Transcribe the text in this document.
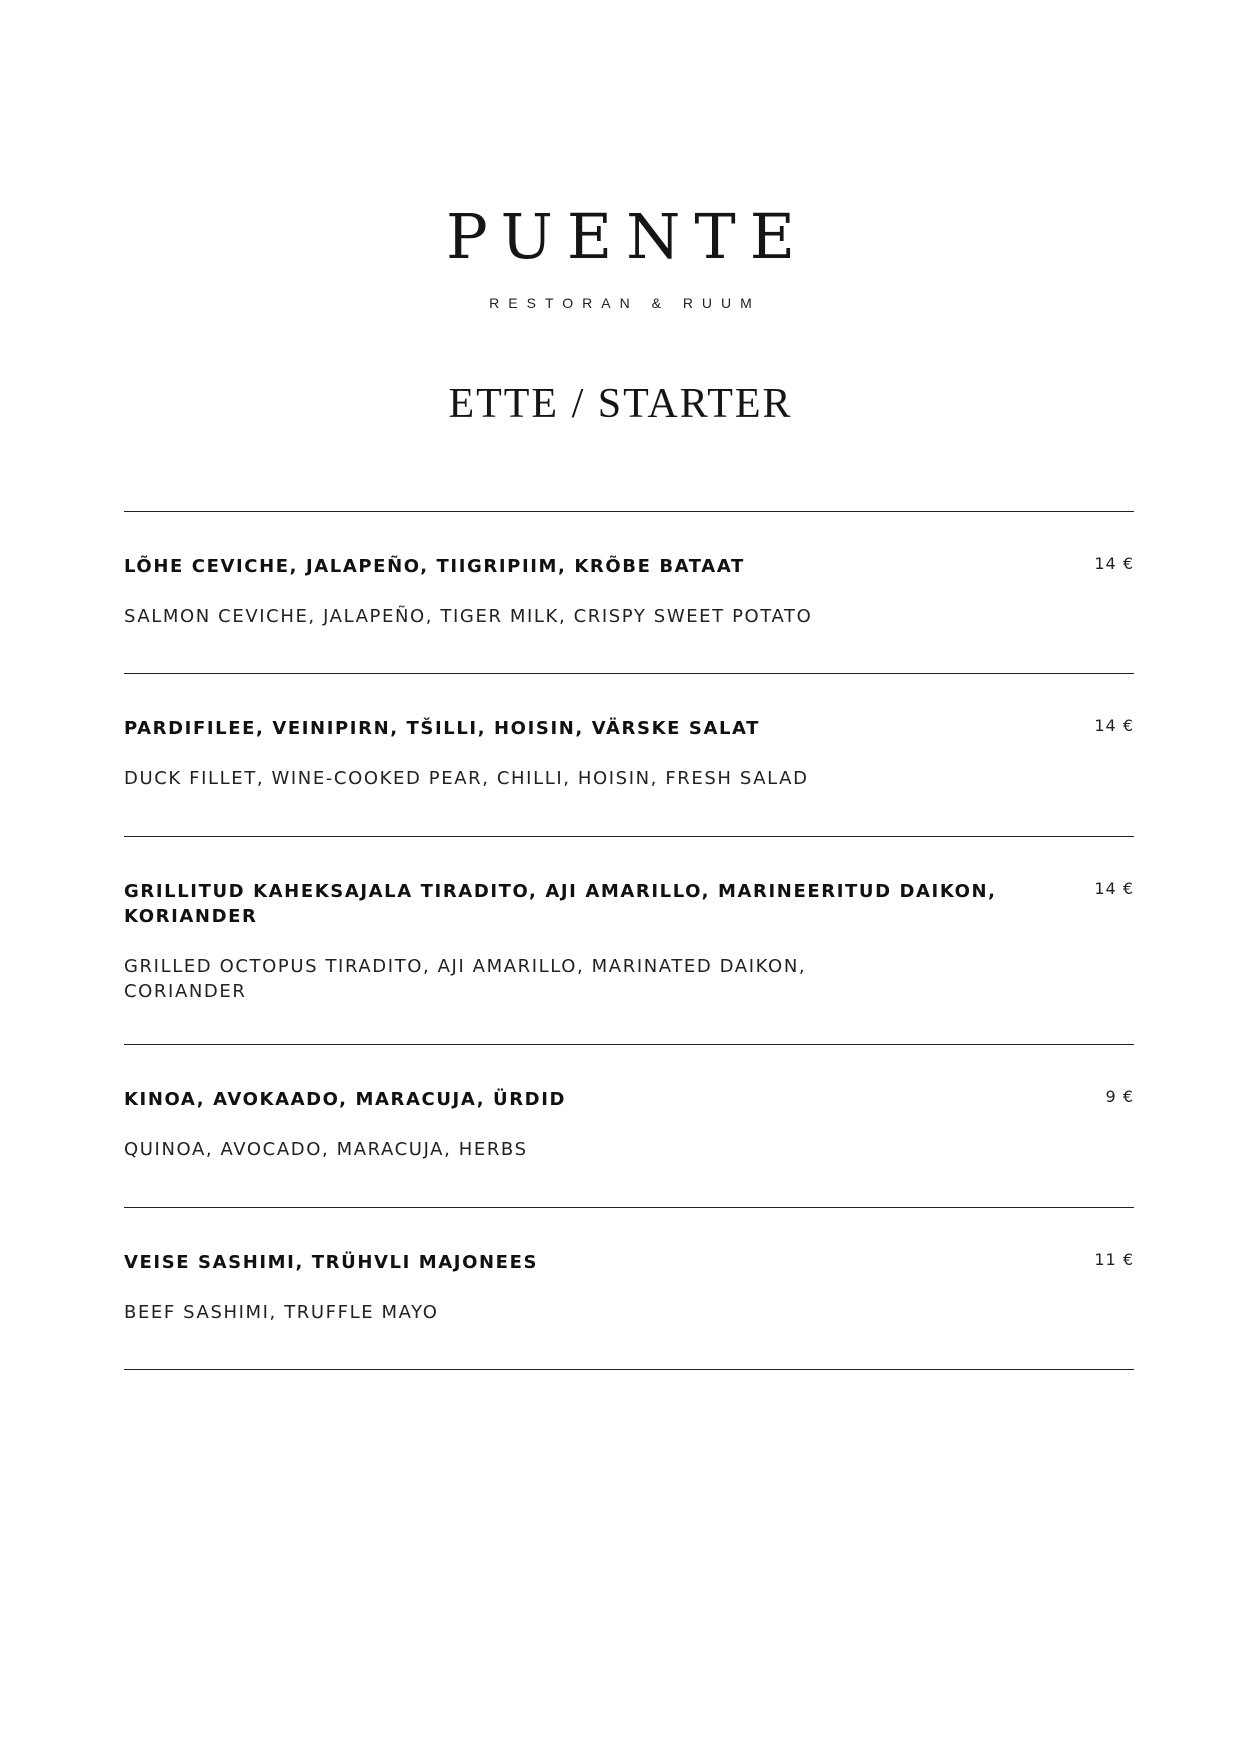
PUENTE
RESTORAN & RUUM
ETTE / STARTER
LÕHE CEVICHE, JALAPEÑO, TIIGRIPIIM, KRÕBE BATAAT
SALMON CEVICHE, JALAPEÑO, TIGER MILK, CRISPY SWEET POTATO
14 €
PARDIFILEE, VEINIPIRN, TŠILLI, HOISIN, VÄRSKE SALAT
DUCK FILLET, WINE-COOKED PEAR, CHILLI, HOISIN, FRESH SALAD
14 €
GRILLITUD KAHEKSAJALA TIRADITO, AJI AMARILLO, MARINEERITUD DAIKON, KORIANDER
GRILLED OCTOPUS TIRADITO, AJI AMARILLO, MARINATED DAIKON, CORIANDER
14 €
KINOA, AVOKAADO, MARACUJA, ÜRDID
QUINOA, AVOCADO, MARACUJA, HERBS
9 €
VEISE SASHIMI, TRÜHVLI MAJONEES
BEEF SASHIMI, TRUFFLE MAYO
11 €
